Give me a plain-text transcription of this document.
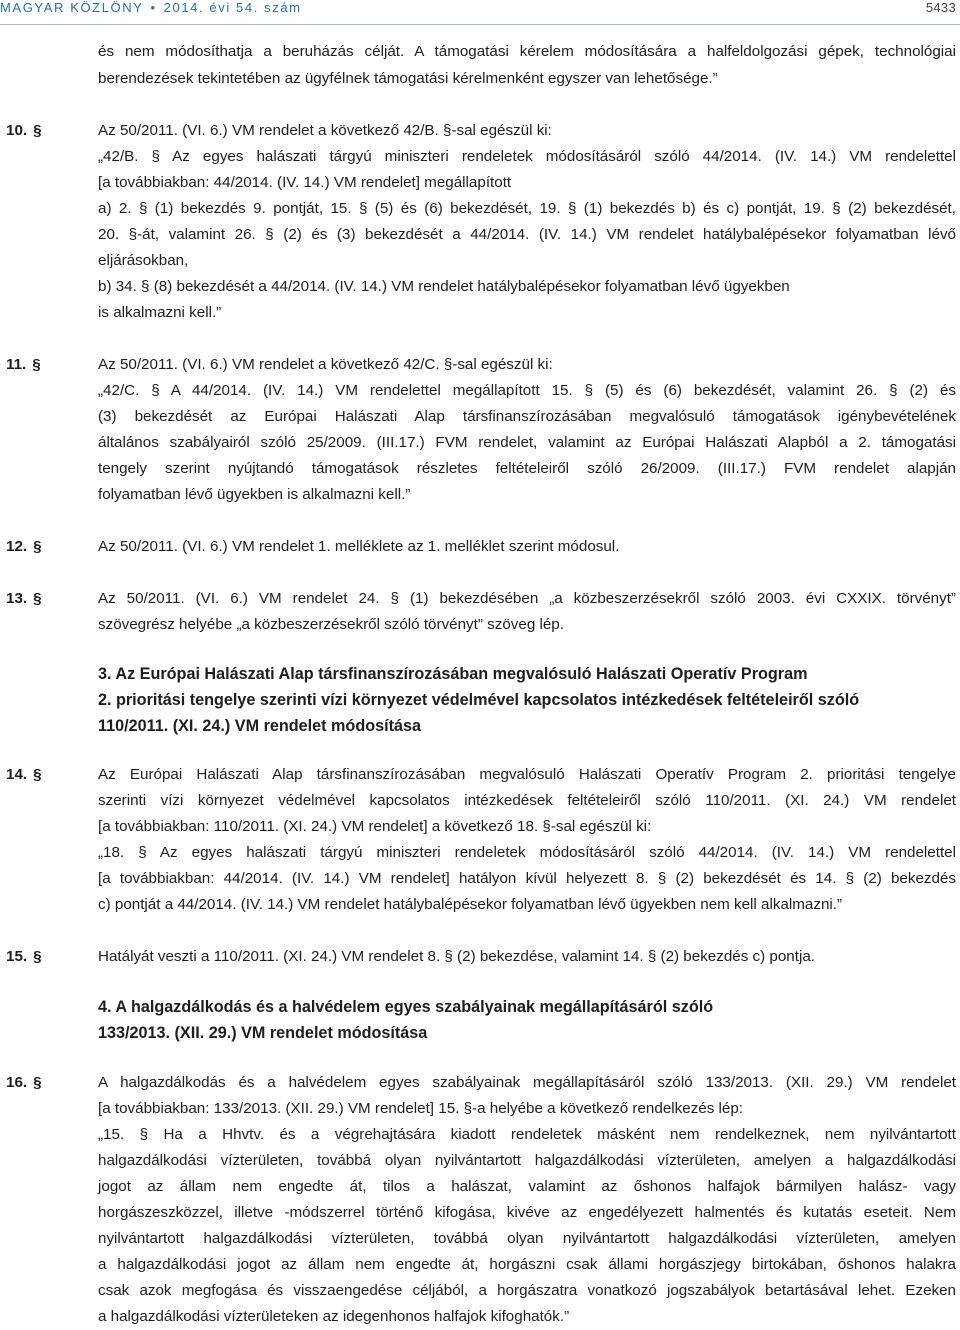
MAGYAR KÖZLÖNY • 2014. évi 54. szám	5433
és nem módosíthatja a beruházás célját. A támogatási kérelem módosítására a halfeldolgozási gépek, technológiai
berendezések tekintetében az ügyfélnek támogatási kérelmenként egyszer van lehetősége.”
10. §	Az 50/2011. (VI. 6.) VM rendelet a következő 42/B. §-sal egészül ki:
„42/B. § Az egyes halászati tárgyú miniszteri rendeletek módosításáról szóló 44/2014. (IV. 14.) VM rendelettel
[a továbbiakban: 44/2014. (IV. 14.) VM rendelet] megállapított
a) 2. § (1) bekezdés 9. pontját, 15. § (5) és (6) bekezdését, 19. § (1) bekezdés b) és c) pontját, 19. § (2) bekezdését,
20. §-át, valamint 26. § (2) és (3) bekezdését a 44/2014. (IV. 14.) VM rendelet hatálybalépésekor folyamatban lévő
eljárásokban,
b) 34. § (8) bekezdését a 44/2014. (IV. 14.) VM rendelet hatálybalépésekor folyamatban lévő ügyekben
is alkalmazni kell.”
11. §	Az 50/2011. (VI. 6.) VM rendelet a következő 42/C. §-sal egészül ki:
„42/C. § A 44/2014. (IV. 14.) VM rendelettel megállapított 15. § (5) és (6) bekezdését, valamint 26. § (2) és
(3) bekezdését az Európai Halászati Alap társfinanszírozásában megvalósuló támogatások igénybevételének
általános szabályairól szóló 25/2009. (III.17.) FVM rendelet, valamint az Európai Halászati Alapból a 2. támogatási
tengely szerint nyújtandó támogatások részletes feltételeiről szóló 26/2009. (III.17.) FVM rendelet alapján
folyamatban lévő ügyekben is alkalmazni kell.”
12. §	Az 50/2011. (VI. 6.) VM rendelet 1. melléklete az 1. melléklet szerint módosul.
13. §	Az 50/2011. (VI. 6.) VM rendelet 24. § (1) bekezdésében „a közbeszerzésekről szóló 2003. évi CXXIX. törvényt”
szövegrész helyébe „a közbeszerzésekről szóló törvényt” szöveg lép.
3. Az Európai Halászati Alap társfinanszírozásában megvalósuló Halászati Operatív Program
2. prioritási tengelye szerinti vízi környezet védelmével kapcsolatos intézkedések feltételeiről szóló
110/2011. (XI. 24.) VM rendelet módosítása
14. §	Az Európai Halászati Alap társfinanszírozásában megvalósuló Halászati Operatív Program 2. prioritási tengelye
szerinti vízi környezet védelmével kapcsolatos intézkedések feltételeiről szóló 110/2011. (XI. 24.) VM rendelet
[a továbbiakban: 110/2011. (XI. 24.) VM rendelet] a következő 18. §-sal egészül ki:
„18. § Az egyes halászati tárgyú miniszteri rendeletek módosításáról szóló 44/2014. (IV. 14.) VM rendelettel
[a továbbiakban: 44/2014. (IV. 14.) VM rendelet] hatályon kívül helyezett 8. § (2) bekezdését és 14. § (2) bekezdés
c) pontját a 44/2014. (IV. 14.) VM rendelet hatálybalépésekor folyamatban lévő ügyekben nem kell alkalmazni.”
15. §	Hatályát veszti a 110/2011. (XI. 24.) VM rendelet 8. § (2) bekezdése, valamint 14. § (2) bekezdés c) pontja.
4. A halgazdálkodás és a halvédelem egyes szabályainak megállapításáról szóló
133/2013. (XII. 29.) VM rendelet módosítása
16. §	A halgazdálkodás és a halvédelem egyes szabályainak megállapításáról szóló 133/2013. (XII. 29.) VM rendelet
[a továbbiakban: 133/2013. (XII. 29.) VM rendelet] 15. §-a helyébe a következő rendelkezés lép:
„15. § Ha a Hhvtv. és a végrehajtására kiadott rendeletek másként nem rendelkeznek, nem nyilvántartott
halgazdálkodási vízterületen, továbbá olyan nyilvántartott halgazdálkodási vízterületen, amelyen a halgazdálkodási
jogot az állam nem engedte át, tilos a halászat, valamint az őshonos halfajok bármilyen halász- vagy
horgászeszközzel, illetve -módszerrel történő kifogása, kivéve az engedélyezett halmentés és kutatás eseteit. Nem
nyilvántartott halgazdálkodási vízterületen, továbbá olyan nyilvántartott halgazdálkodási vízterületen, amelyen
a halgazdálkodási jogot az állam nem engedte át, horgászni csak állami horgászjegy birtokában, őshonos halakra
csak azok megfogása és visszaengedése céljából, a horgászatra vonatkozó jogszabályok betartásával lehet. Ezeken
a halgazdálkodási vízterületeken az idegenhonos halfajok kifoghatók.”
